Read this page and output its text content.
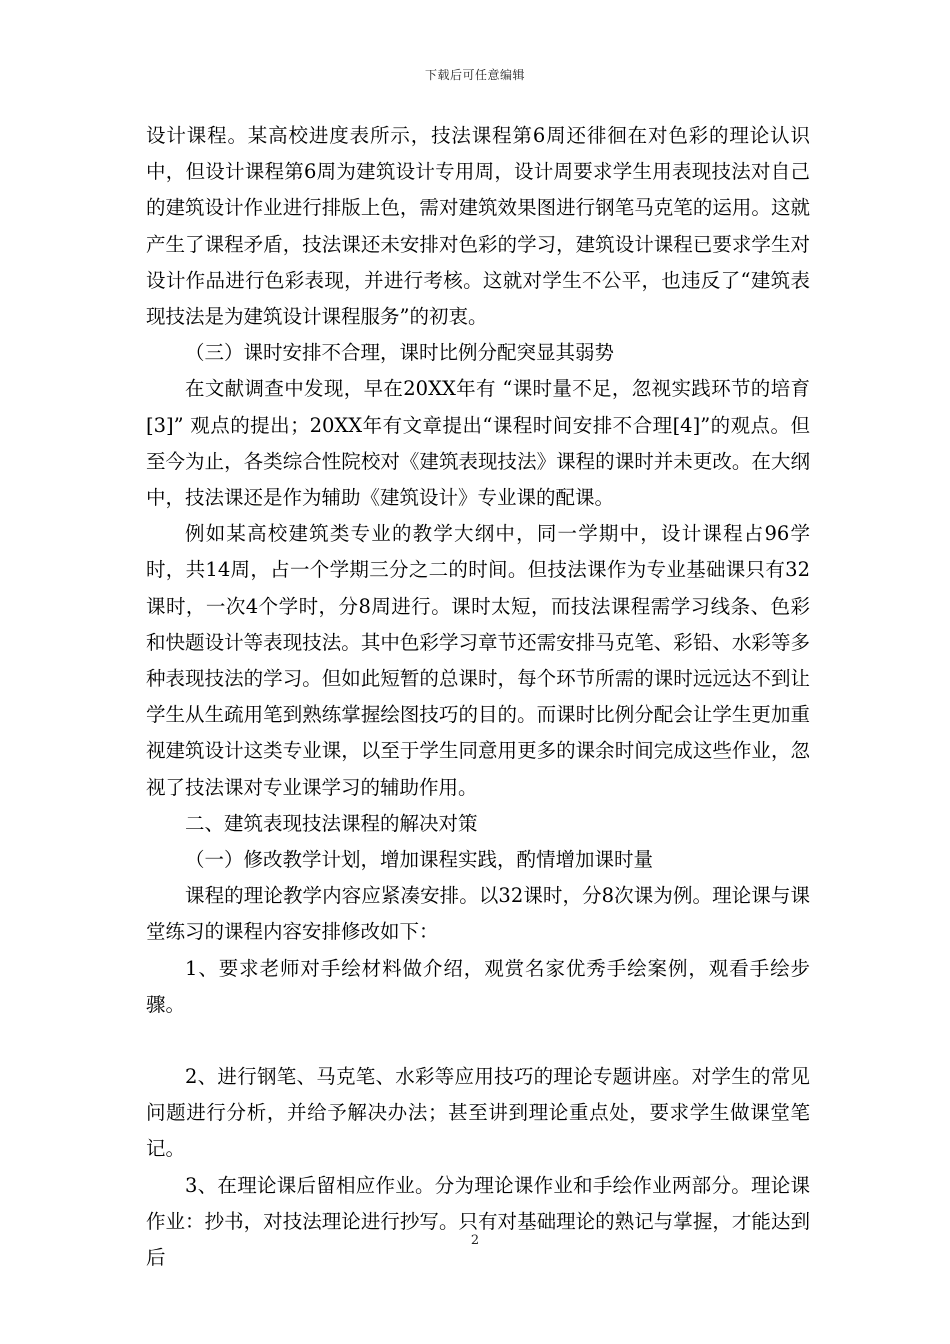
下载后可任意编辑

设计课程。某高校进度表所示，技法课程第6周还徘徊在对色彩的理论认识中，但设计课程第6周为建筑设计专用周，设计周要求学生用表现技法对自己的建筑设计作业进行排版上色，需对建筑效果图进行钢笔马克笔的运用。这就产生了课程矛盾，技法课还未安排对色彩的学习，建筑设计课程已要求学生对设计作品进行色彩表现，并进行考核。这就对学生不公平，也违反了“建筑表现技法是为建筑设计课程服务”的初衷。

（三）课时安排不合理，课时比例分配突显其弱势

在文献调查中发现，早在20XX年有 “课时量不足，忽视实践环节的培育[3]” 观点的提出；20XX年有文章提出“课程时间安排不合理[4]”的观点。但至今为止，各类综合性院校对《建筑表现技法》课程的课时并未更改。在大纲中，技法课还是作为辅助《建筑设计》专业课的配课。

例如某高校建筑类专业的教学大纲中，同一学期中，设计课程占96学时，共14周，占一个学期三分之二的时间。但技法课作为专业基础课只有32课时，一次4个学时，分8周进行。课时太短，而技法课程需学习线条、色彩和快题设计等表现技法。其中色彩学习章节还需安排马克笔、彩铅、水彩等多种表现技法的学习。但如此短暂的总课时，每个环节所需的课时远远达不到让学生从生疏用笔到熟练掌握绘图技巧的目的。而课时比例分配会让学生更加重视建筑设计这类专业课，以至于学生同意用更多的课余时间完成这些作业，忽视了技法课对专业课学习的辅助作用。

二、建筑表现技法课程的解决对策

（一）修改教学计划，增加课程实践，酌情增加课时量

课程的理论教学内容应紧凑安排。以32课时，分8次课为例。理论课与课堂练习的课程内容安排修改如下：

1、要求老师对手绘材料做介绍，观赏名家优秀手绘案例，观看手绘步骤。

2、进行钢笔、马克笔、水彩等应用技巧的理论专题讲座。对学生的常见问题进行分析，并给予解决办法；甚至讲到理论重点处，要求学生做课堂笔记。

3、在理论课后留相应作业。分为理论课作业和手绘作业两部分。理论课作业：抄书，对技法理论进行抄写。只有对基础理论的熟记与掌握，才能达到后

2
